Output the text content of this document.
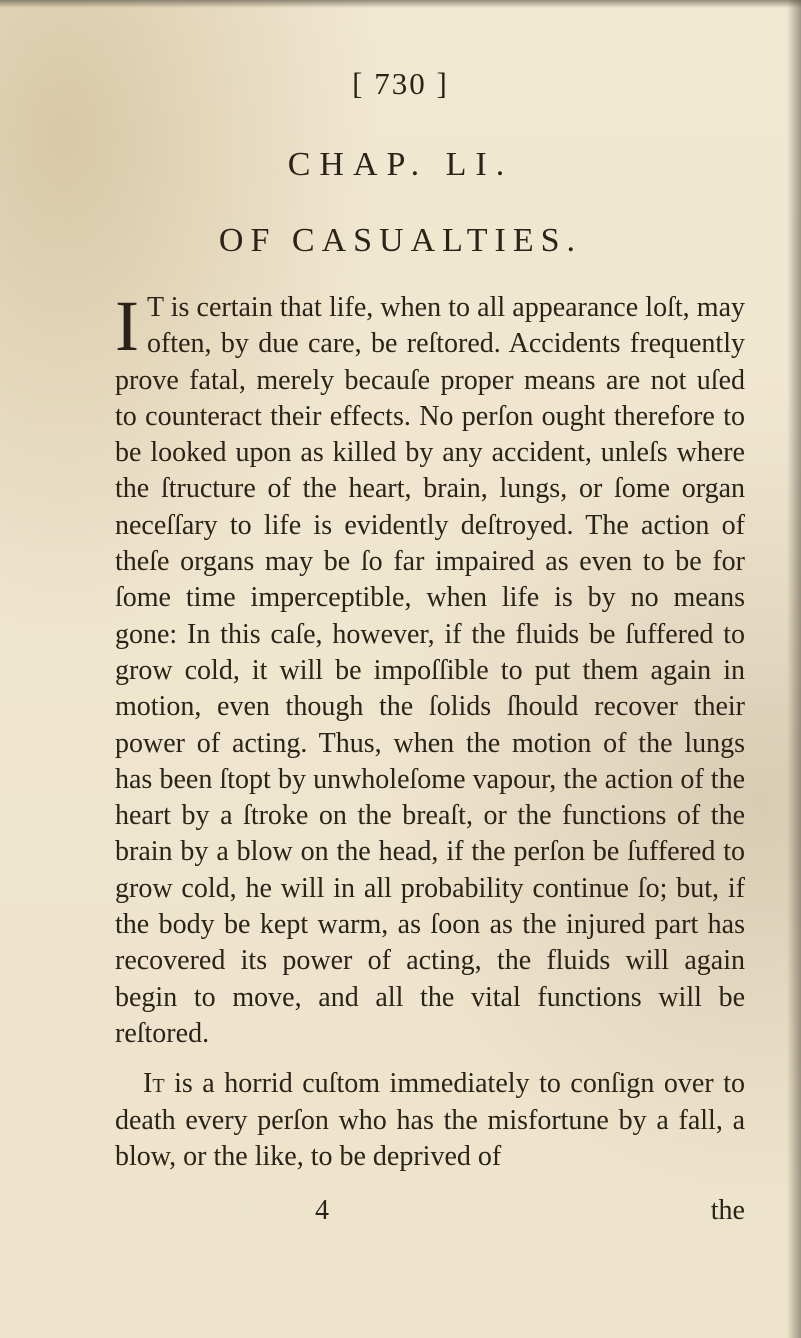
[ 730 ]
CHAP. LI.
OF CASUALTIES.

I T is certain that life, when to all appearance loſt, may often, by due care, be reſtored. Accidents frequently prove fatal, merely becauſe proper means are not uſed to counteract their effects. No perſon ought therefore to be looked upon as killed by any accident, unleſs where the ſtructure of the heart, brain, lungs, or ſome organ neceſſary to life is evidently deſtroyed. The action of theſe organs may be ſo far impaired as even to be for ſome time imperceptible, when life is by no means gone: In this caſe, however, if the fluids be ſuffered to grow cold, it will be impoſſible to put them again in motion, even though the ſolids ſhould recover their power of acting. Thus, when the motion of the lungs has been ſtopt by unwholeſome vapour, the action of the heart by a ſtroke on the breaſt, or the functions of the brain by a blow on the head, if the perſon be ſuffered to grow cold, he will in all probability continue ſo; but, if the body be kept warm, as ſoon as the injured part has recovered its power of acting, the fluids will again begin to move, and all the vital functions will be reſtored.

It is a horrid cuſtom immediately to conſign over to death every perſon who has the misfortune by a fall, a blow, or the like, to be deprived of

4	the
